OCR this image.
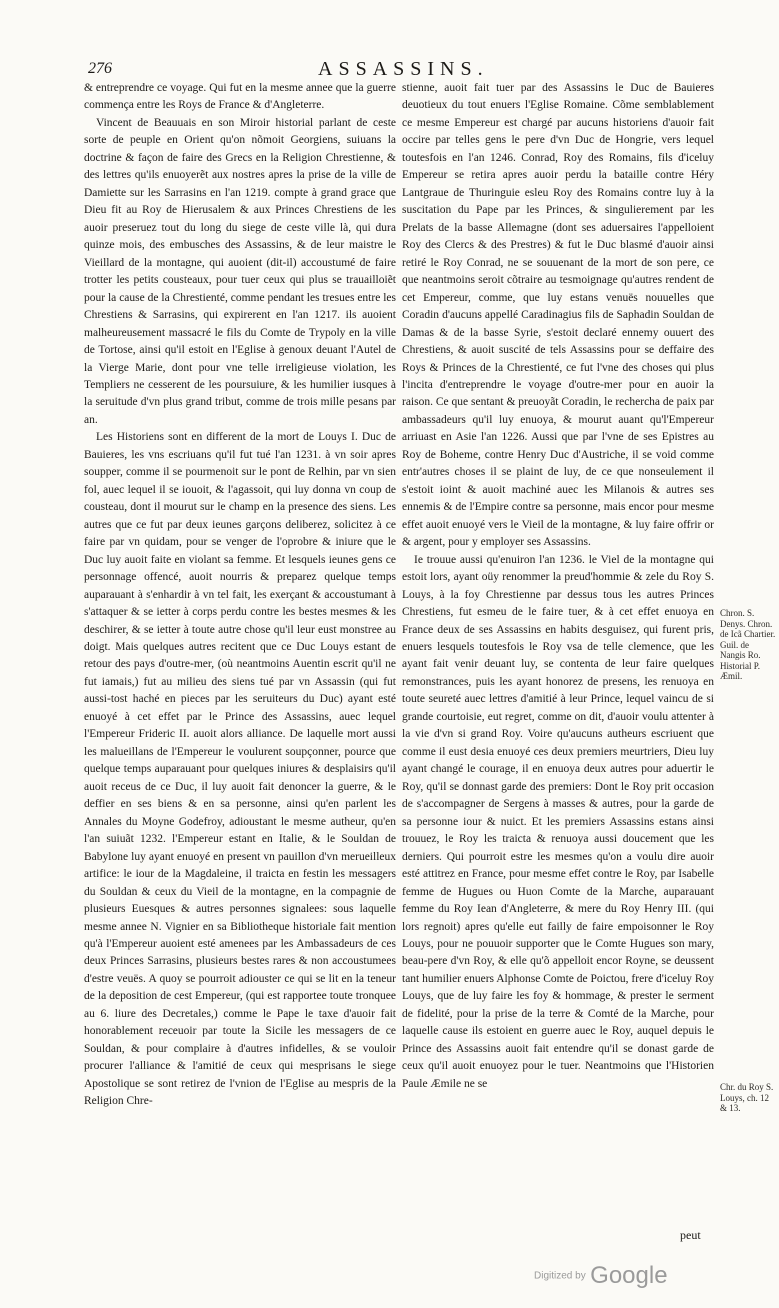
276	ASSASSINS.

& entreprendre ce voyage. Qui fut en la mesme annee que la guerre commença entre les Roys de France & d'Angleterre.

Vincent de Beauuais en son Miroir historial parlant de ceste sorte de peuple en Orient qu'on nõmoit Georgiens, suiuans la doctrine & façon de faire des Grecs en la Religion Chrestienne, & des lettres qu'ils enuoyerẽt aux nostres apres la prise de la ville de Damiette sur les Sarrasins en l'an 1219. compte à grand grace que Dieu fit au Roy de Hierusalem & aux Princes Chrestiens de les auoir preseruez tout du long du siege de ceste ville là, qui dura quinze mois, des embusches des Assassins, & de leur maistre le Vieillard de la montagne, qui auoient (dit-il) accoustumé de faire trotter les petits cousteaux, pour tuer ceux qui plus se trauailloiẽt pour la cause de la Chrestienté, comme pendant les tresues entre les Chrestiens & Sarrasins, qui expirerent en l'an 1217. ils auoient malheureusement massacré le fils du Comte de Trypoly en la ville de Tortose, ainsi qu'il estoit en l'Eglise à genoux deuant l'Autel de la Vierge Marie, dont pour vne telle irreligieuse violation, les Templiers ne cesserent de les poursuiure, & les humilier iusques à la seruitude d'vn plus grand tribut, comme de trois mille pesans par an.

Les Historiens sont en different de la mort de Louys I. Duc de Bauieres, les vns escriuans qu'il fut tué l'an 1231. à vn soir apres soupper, comme il se pourmenoit sur le pont de Relhin, par vn sien fol, auec lequel il se iouoit, & l'agassoit, qui luy donna vn coup de cousteau, dont il mourut sur le champ en la presence des siens. Les autres que ce fut par deux ieunes garçons deliberez, solicitez à ce faire par vn quidam, pour se venger de l'oprobre & iniure que le Duc luy auoit faite en violant sa femme. Et lesquels ieunes gens ce personnage offencé, auoit nourris & preparez quelque temps auparauant à s'enhardir à vn tel fait, les exerçant & accoustumant à s'attaquer & se ietter à corps perdu contre les bestes mesmes & les deschirer, & se ietter à toute autre chose qu'il leur eust monstree au doigt. Mais quelques autres recitent que ce Duc Louys estant de retour des pays d'outre-mer, (où neantmoins Auentin escrit qu'il ne fut iamais,) fut au milieu des siens tué par vn Assassin (qui fut aussi-tost haché en pieces par les seruiteurs du Duc) ayant esté enuoyé à cet effet par le Prince des Assassins, auec lequel l'Empereur Frideric II. auoit alors alliance. De laquelle mort aussi les malueillans de l'Empereur le voulurent soupçonner, pource que quelque temps auparauant pour quelques iniures & desplaisirs qu'il auoit receus de ce Duc, il luy auoit fait denoncer la guerre, & le deffier en ses biens & en sa personne, ainsi qu'en parlent les Annales du Moyne Godefroy, adioustant le mesme autheur, qu'en l'an suiuãt 1232. l'Empereur estant en Italie, & le Souldan de Babylone luy ayant enuoyé en present vn pauillon d'vn merueilleux artifice: le iour de la Magdaleine, il traicta en festin les messagers du Souldan & ceux du Vieil de la montagne, en la compagnie de plusieurs Euesques & autres personnes signalees: sous laquelle mesme annee N. Vignier en sa Bibliotheque historiale fait mention qu'à l'Empereur auoient esté amenees par les Ambassadeurs de ces deux Princes Sarrasins, plusieurs bestes rares & non accoustumees d'estre veuës. A quoy se pourroit adiouster ce qui se lit en la teneur de la deposition de cest Empereur, (qui est rapportee toute tronquee au 6. liure des Decretales,) comme le Pape le taxe d'auoir fait honorablement receuoir par toute la Sicile les messagers de ce Souldan, & pour complaire à d'autres infidelles, & se vouloir procurer l'alliance & l'amitié de ceux qui mesprisans le siege Apostolique se sont retirez de l'vnion de l'Eglise au mespris de la Religion Chre-

stienne, auoit fait tuer par des Assassins le Duc de Bauieres deuotieux du tout enuers l'Eglise Romaine. Cõme semblablement ce mesme Empereur est chargé par aucuns historiens d'auoir fait occire par telles gens le pere d'vn Duc de Hongrie, vers lequel toutesfois en l'an 1246. Conrad, Roy des Romains, fils d'iceluy Empereur se retira apres auoir perdu la bataille contre Héry Lantgraue de Thuringuie esleu Roy des Romains contre luy à la suscitation du Pape par les Princes, & singulierement par les Prelats de la basse Allemagne (dont ses aduersaires l'appelloient Roy des Clercs & des Prestres) & fut le Duc blasmé d'auoir ainsi retiré le Roy Conrad, ne se souuenant de la mort de son pere, ce que neantmoins seroit cõtraire au tesmoignage qu'autres rendent de cet Empereur, comme, que luy estans venuës nouuelles que Coradin d'aucuns appellé Caradinagius fils de Saphadin Souldan de Damas & de la basse Syrie, s'estoit declaré ennemy ouuert des Chrestiens, & auoit suscité de tels Assassins pour se deffaire des Roys & Princes de la Chrestienté, ce fut l'vne des choses qui plus l'incita d'entreprendre le voyage d'outre-mer pour en auoir la raison. Ce que sentant & preuoyãt Coradin, le rechercha de paix par ambassadeurs qu'il luy enuoya, & mourut auant qu'l'Empereur arriuast en Asie l'an 1226. Aussi que par l'vne de ses Epistres au Roy de Boheme, contre Henry Duc d'Austriche, il se void comme entr'autres choses il se plaint de luy, de ce que nonseulement il s'estoit ioint & auoit machiné auec les Milanois & autres ses ennemis & de l'Empire contre sa personne, mais encor pour mesme effet auoit enuoyé vers le Vieil de la montagne, & luy faire offrir or & argent, pour y employer ses Assassins.

Ie trouue aussi qu'enuiron l'an 1236. le Viel de la montagne qui estoit lors, ayant oüy renommer la preud'hommie & zele du Roy S. Louys, à la foy Chrestienne par dessus tous les autres Princes Chrestiens, fut esmeu de le faire tuer, & à cet effet enuoya en France deux de ses Assassins en habits desguisez, qui furent pris, enuers lesquels toutesfois le Roy vsa de telle clemence, que les ayant fait venir deuant luy, se contenta de leur faire quelques remonstrances, puis les ayant honorez de presens, les renuoya en toute seureté auec lettres d'amitié à leur Prince, lequel vaincu de si grande courtoisie, eut regret, comme on dit, d'auoir voulu attenter à la vie d'vn si grand Roy. Voire qu'aucuns autheurs escriuent que comme il eust desia enuoyé ces deux premiers meurtriers, Dieu luy ayant changé le courage, il en enuoya deux autres pour aduertir le Roy, qu'il se donnast garde des premiers: Dont le Roy prit occasion de s'accompagner de Sergens à masses & autres, pour la garde de sa personne iour & nuict. Et les premiers Assassins estans ainsi trouuez, le Roy les traicta & renuoya aussi doucement que les derniers. Qui pourroit estre les mesmes qu'on a voulu dire auoir esté attitrez en France, pour mesme effet contre le Roy, par Isabelle femme de Hugues ou Huon Comte de la Marche, auparauant femme du Roy Iean d'Angleterre, & mere du Roy Henry III. (qui lors regnoit) apres qu'elle eut failly de faire empoisonner le Roy Louys, pour ne pouuoir supporter que le Comte Hugues son mary, beau-pere d'vn Roy, & elle qu'õ appelloit encor Royne, se deussent tant humilier enuers Alphonse Comte de Poictou, frere d'iceluy Roy Louys, que de luy faire les foy & hommage, & prester le serment de fidelité, pour la prise de la terre & Comté de la Marche, pour laquelle cause ils estoient en guerre auec le Roy, auquel depuis le Prince des Assassins auoit fait entendre qu'il se donast garde de ceux qu'il auoit enuoyez pour le tuer. Neantmoins que l'Historien Paule Æmile ne se

Chron. S. Denys. Chron. de Icã Chartier. Guil. de Nangis Ro. Historial P. Æmil.
Chr. du Roy S. Louys, ch. 12 & 13.
peut
Digitized by Google
